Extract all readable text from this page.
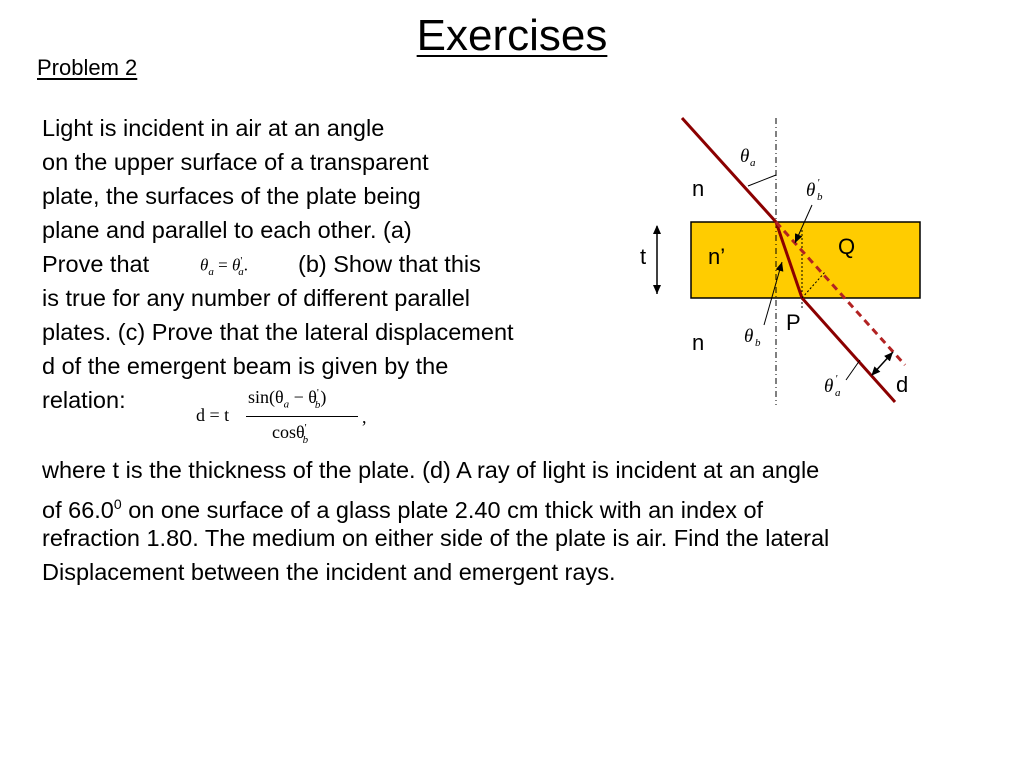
Exercises
Problem 2
Light is incident in air at an angle
on the upper surface of a transparent
plate, the surfaces of the plate being
plane and parallel to each other. (a)
Prove that	$\theta_a = \theta'_a$. (b) Show that this
is true for any number of different parallel
plates. (c) Prove that the lateral displacement
d of the emergent beam is given by the
relation:
d = t
$\sin(\theta_a - \theta'_b)$
cosθ'$_b$
,
where t is the thickness of the plate. (d) A ray of light is incident at an angle
of 66.0$^0$ on one surface of a glass plate 2.40 cm thick with an index of
refraction 1.80. The medium on either side of the plate is air. Find the lateral
Displacement between the incident and emergent rays.
n
t	n’	Q
P
n
d
θ a
θ '
b
θ b
θ '
a
